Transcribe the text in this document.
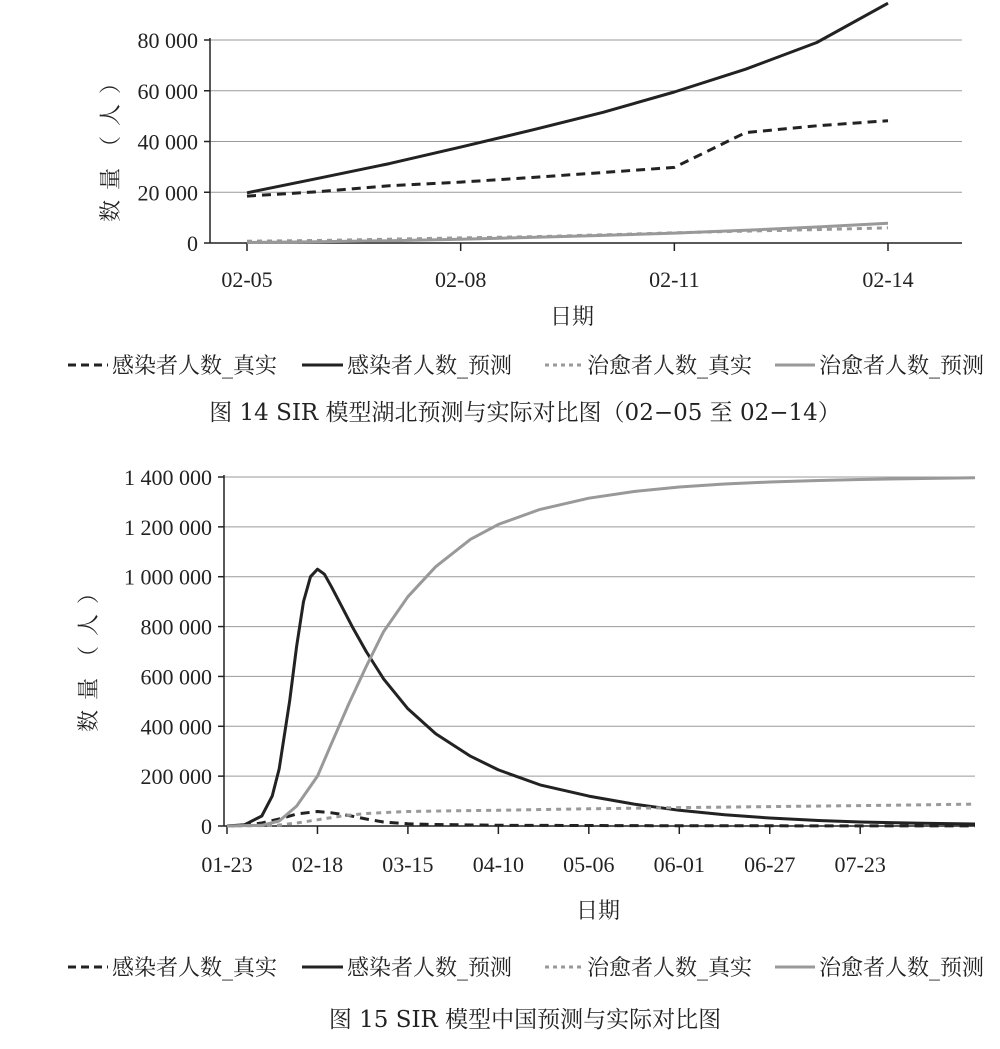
0
20 000
40 000
60 000
80 000
02-05	02-08	02-11	02-14
日期
数量（人）
感染者人数_真实	感染者人数_预测	治愈者人数_真实	治愈者人数_预测
图 14 SIR 模型湖北预测与实际对比图（02−05 至 02−14）
0
200 000
400 000
600 000
800 000
1 000 000
1 200 000
1 400 000
01-23 02-18 03-15 04-10 05-06 06-01 06-27 07-23
日期
数量（人）
感染者人数_真实	感染者人数_预测	治愈者人数_真实	治愈者人数_预测
图 15 SIR 模型中国预测与实际对比图
